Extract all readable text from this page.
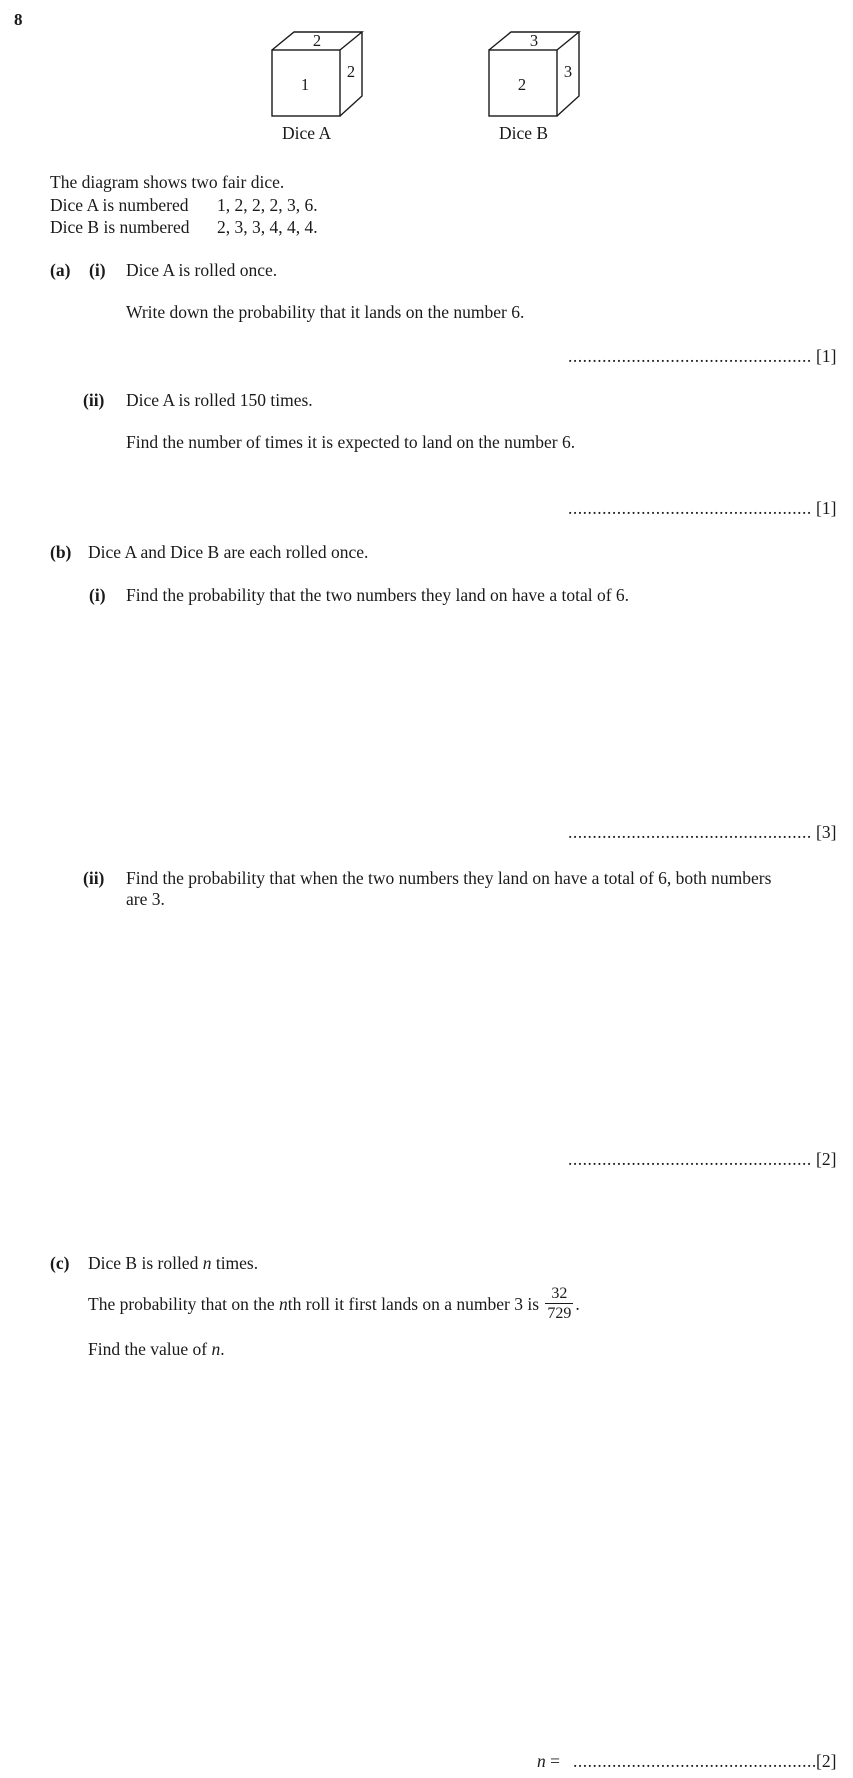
8
2
1
2
Dice A
3
2
3
Dice B
The diagram shows two fair dice.
Dice A is numbered 1, 2, 2, 2, 3, 6.
Dice B is numbered 2, 3, 3, 4, 4, 4.
(a) (i) Dice A is rolled once.
Write down the probability that it lands on the number 6.
.................................................. [1]
(ii) Dice A is rolled 150 times.
Find the number of times it is expected to land on the number 6.
.................................................. [1]
(b) Dice A and Dice B are each rolled once.
(i) Find the probability that the two numbers they land on have a total of 6.
.................................................. [3]
(ii) Find the probability that when the two numbers they land on have a total of 6, both numbers
are 3.
.................................................. [2]
(c) Dice B is rolled n times.
The probability that on the nth roll it first lands on a number 3 is $\frac{32}{729}$ .
Find the value of n.
n = .................................................. [2]
